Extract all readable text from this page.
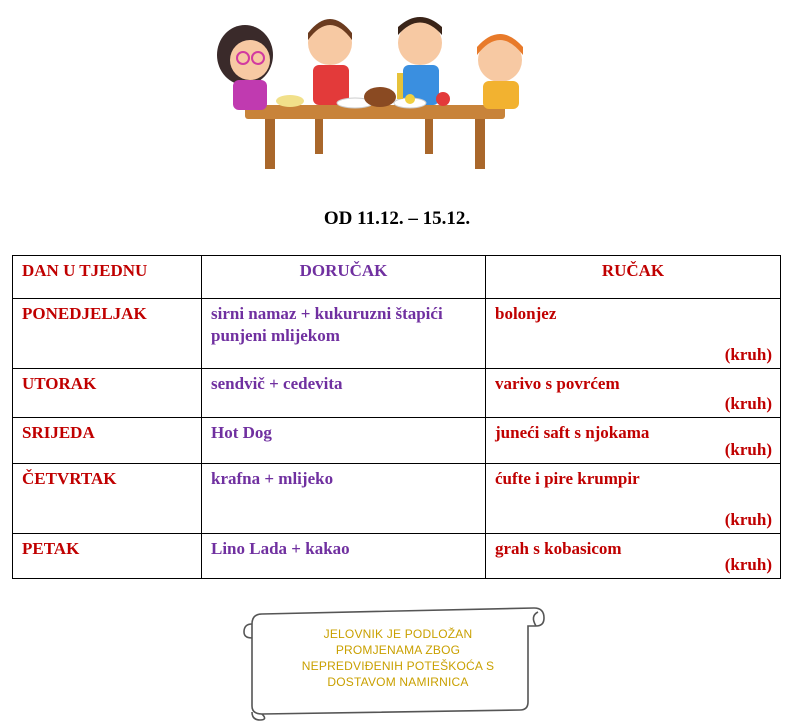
OD 11.12. – 15.12.
DAN U TJEDNU	DORUČAK	RUČAK
PONEDJELJAK	sirni namaz + kukuruzni štapići punjeni mlijekom	bolonjez
(kruh)

UTORAK	sendvič + cedevita	varivo s povrćem
(kruh)

SRIJEDA	Hot Dog	juneći saft s njokama
(kruh)

ČETVRTAK	krafna + mlijeko	ćufte i pire krumpir
(kruh)

PETAK	Lino Lada + kakao	grah s kobasicom
(kruh)
JELOVNIK JE PODLOŽAN
PROMJENAMA ZBOG
NEPREDVIĐENIH POTEŠKOĆA S
DOSTAVOM NAMIRNICA
